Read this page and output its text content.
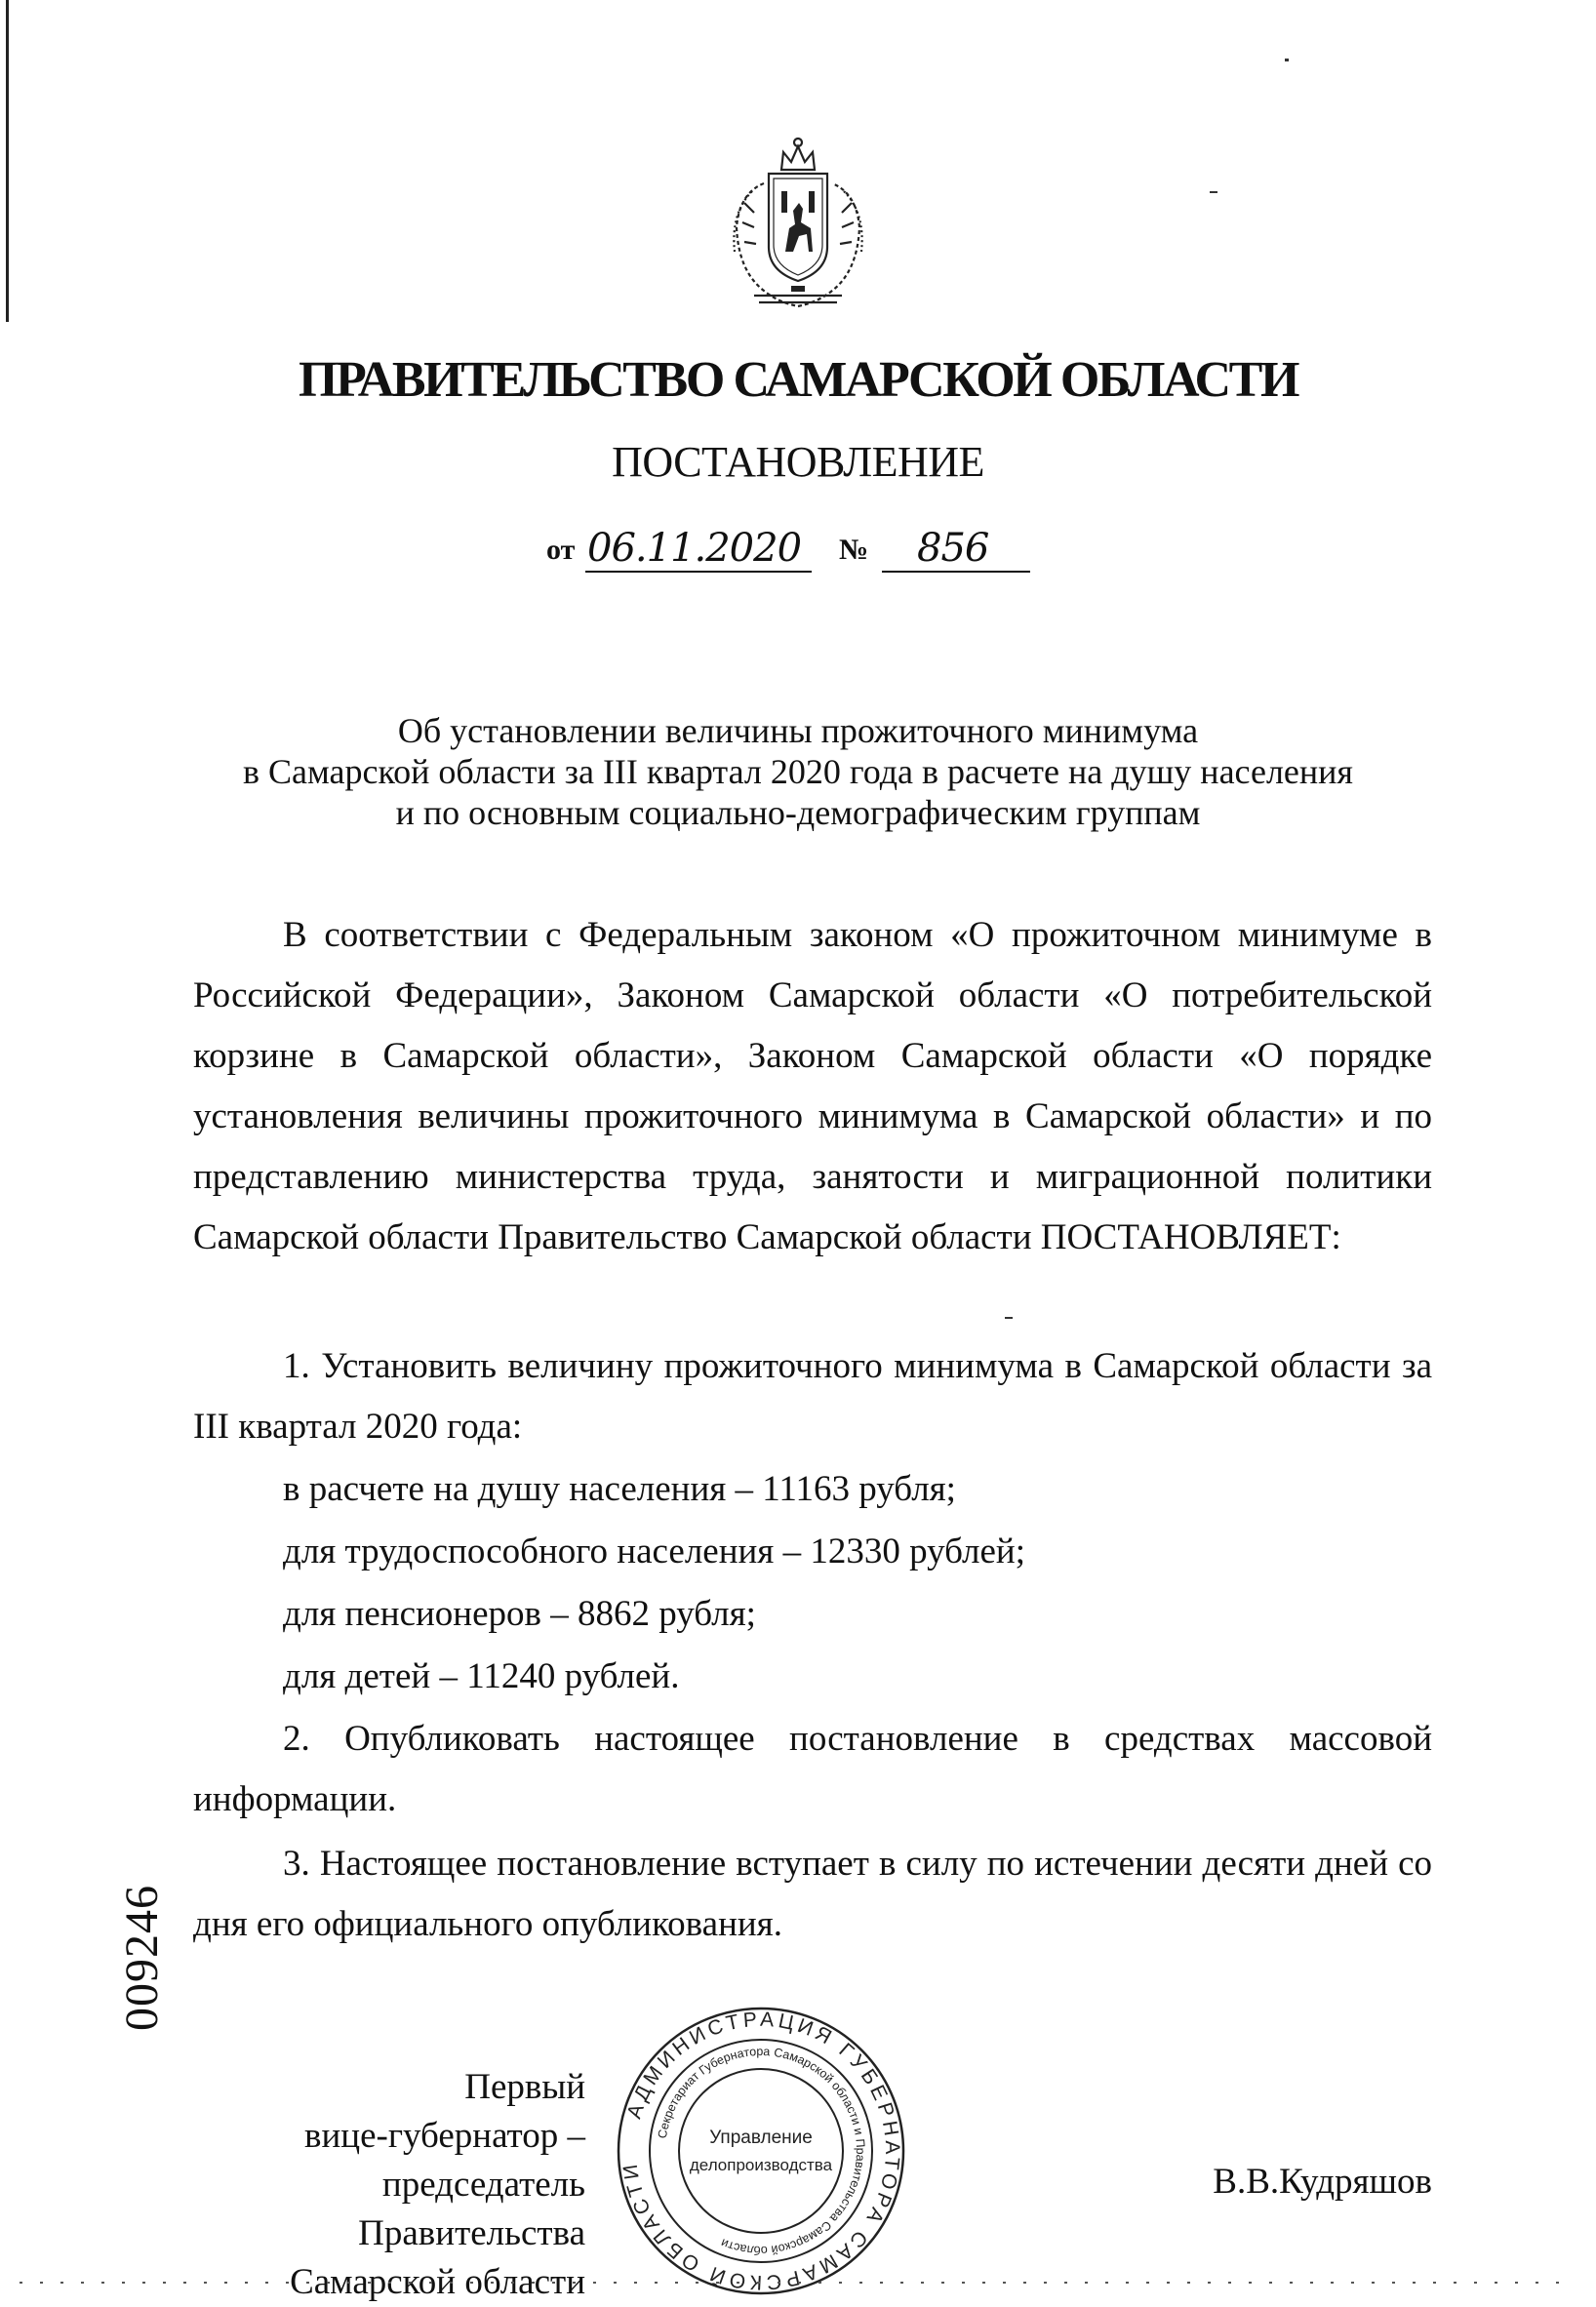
ПРАВИТЕЛЬСТВО САМАРСКОЙ ОБЛАСТИ
ПОСТАНОВЛЕНИЕ
от 06.11.2020 № 856
Об установлении величины прожиточного минимума
в Самарской области за III квартал 2020 года в расчете на душу населения
и по основным социально-демографическим группам
В соответствии с Федеральным законом «О прожиточном минимуме в Российской Федерации», Законом Самарской области «О потребительской корзине в Самарской области», Законом Самарской области «О порядке установления величины прожиточного минимума в Самарской области» и по представлению министерства труда, занятости и миграционной политики Самарской области Правительство Самарской области ПОСТАНОВЛЯЕТ:
1. Установить величину прожиточного минимума в Самарской области за III квартал 2020 года:
в расчете на душу населения – 11163 рубля;
для трудоспособного населения – 12330 рублей;
для пенсионеров – 8862 рубля;
для детей – 11240 рублей.
2. Опубликовать настоящее постановление в средствах массовой информации.
3. Настоящее постановление вступает в силу по истечении десяти дней со дня его официального опубликования.
009246
Первый
вице-губернатор –
председатель Правительства
Самарской области
В.В.Кудряшов
АДМИНИСТРАЦИЯ ГУБЕРНАТОРА САМАРСКОЙ ОБЛАСТИ
Секретариат Губернатора Самарской области и Правительства Самарской области
Управление
делопроизводства
